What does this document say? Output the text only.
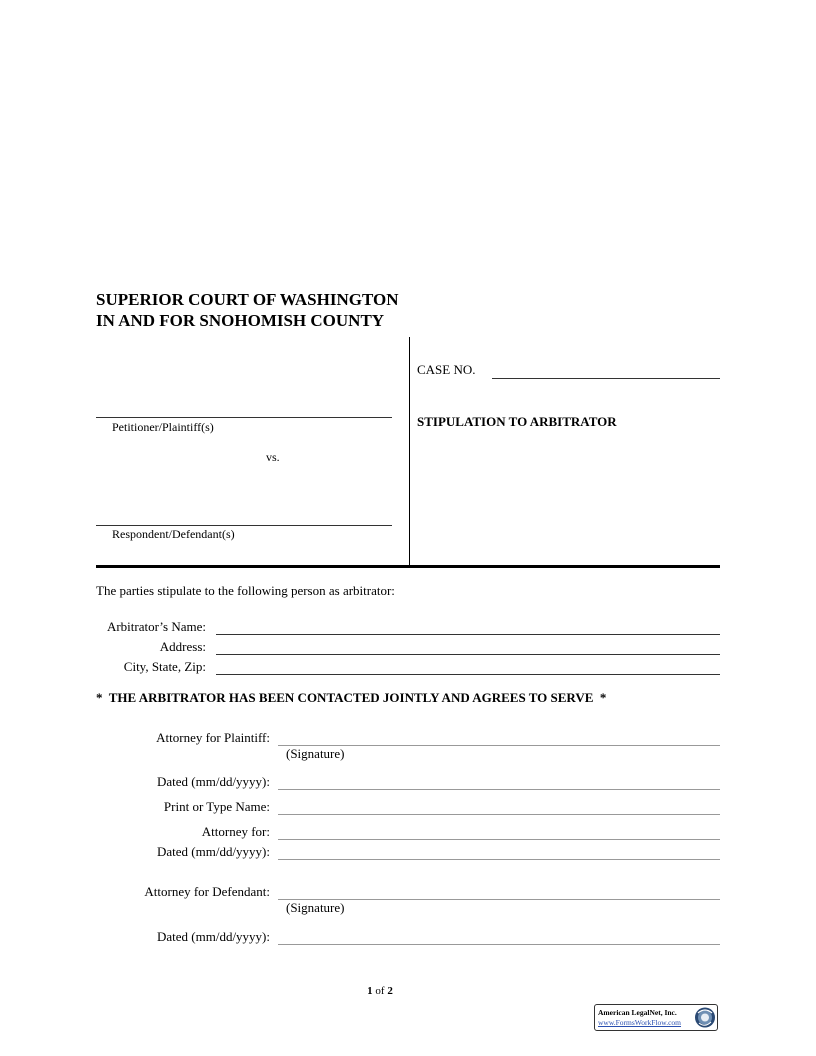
SUPERIOR COURT OF WASHINGTON
IN AND FOR SNOHOMISH COUNTY
CASE NO.
STIPULATION TO ARBITRATOR
Petitioner/Plaintiff(s)
vs.
Respondent/Defendant(s)
The parties stipulate to the following person as arbitrator:
Arbitrator’s Name:
Address:
City, State, Zip:
*  THE ARBITRATOR HAS BEEN CONTACTED JOINTLY AND AGREES TO SERVE  *
Attorney for Plaintiff:
(Signature)
Dated (mm/dd/yyyy):
Print or Type Name:
Attorney for:
Dated (mm/dd/yyyy):
Attorney for Defendant:
(Signature)
Dated (mm/dd/yyyy):
1 of 2
American LegalNet, Inc.
www.FormsWorkFlow.com
